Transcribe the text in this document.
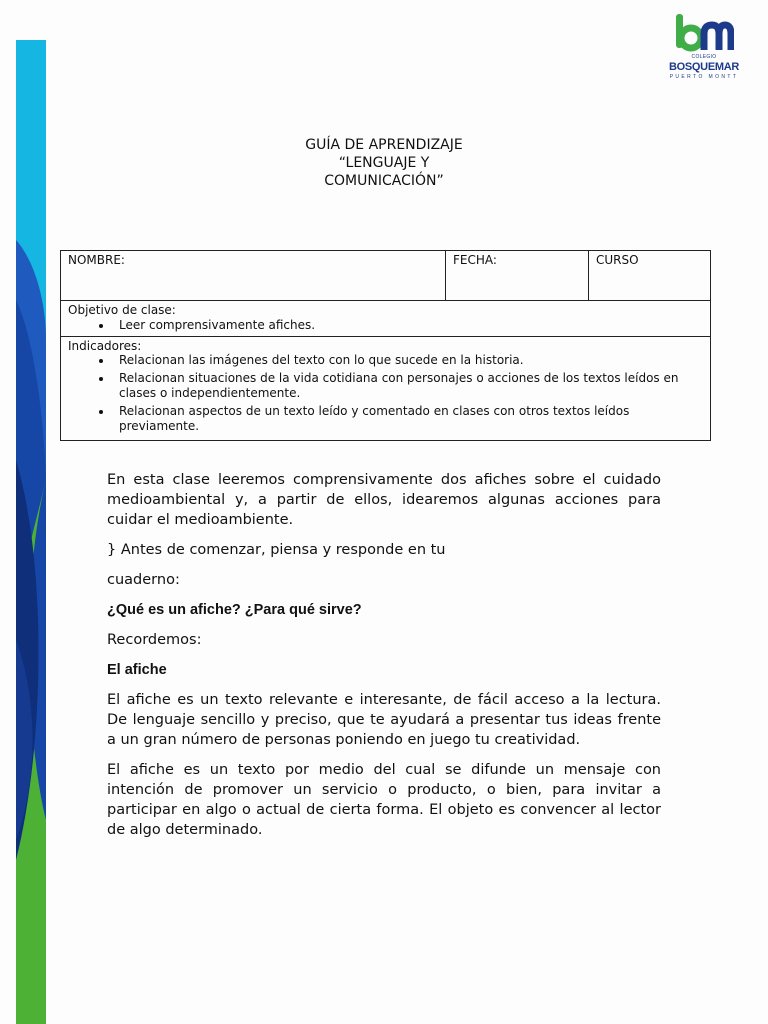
COLEGIO
BOSQUEMAR
PUERTO MONTT
GUÍA DE APRENDIZAJE
“LENGUAJE Y
COMUNICACIÓN”
NOMBRE:	FECHA:	CURSO

Objetivo de clase:
• Leer comprensivamente afiches.

Indicadores:
• Relacionan las imágenes del texto con lo que sucede en la historia.
• Relacionan situaciones de la vida cotidiana con personajes o acciones de los textos leídos en clases o independientemente.
• Relacionan aspectos de un texto leído y comentado en clases con otros textos leídos previamente.

En esta clase leeremos comprensivamente dos afiches sobre el cuidado medioambiental y, a partir de ellos, idearemos algunas acciones para cuidar el medioambiente.

} Antes de comenzar, piensa y responde en tu

cuaderno:

¿Qué es un afiche? ¿Para qué sirve?

Recordemos:

El afiche

El afiche es un texto relevante e interesante, de fácil acceso a la lectura. De lenguaje sencillo y preciso, que te ayudará a presentar tus ideas frente a un gran número de personas poniendo en juego tu creatividad.

El afiche es un texto por medio del cual se difunde un mensaje con intención de promover un servicio o producto, o bien, para invitar a participar en algo o actual de cierta forma. El objeto es convencer al lector de algo determinado.
